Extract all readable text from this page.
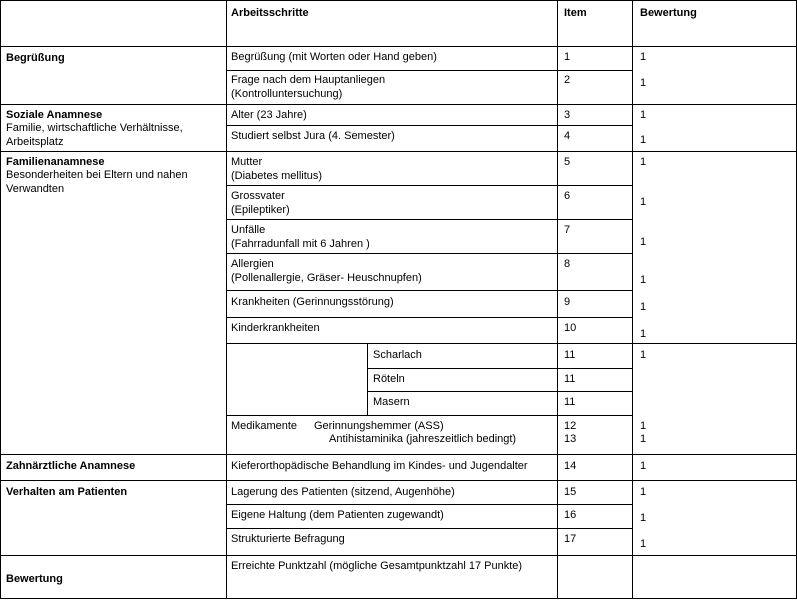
Arbeitsschritte	Item	Bewertung
Begrüßung
Soziale Anamnese
Familie, wirtschaftliche Verhältnisse,
Arbeitsplatz
Familienanamnese
Besonderheiten bei Eltern und nahen
Verwandten
Zahnärztliche Anamnese
Verhalten am Patienten
Bewertung
Begrüßung (mit Worten oder Hand geben)
Frage nach dem Hauptanliegen
(Kontrolluntersuchung)
Alter (23 Jahre)
Studiert selbst Jura (4. Semester)
Mutter
(Diabetes mellitus)
Grossvater
(Epileptiker)
Unfälle
(Fahrradunfall mit 6 Jahren )
Allergien
(Pollenallergie, Gräser- Heuschnupfen)
Krankheiten (Gerinnungsstörung)
Kinderkrankheiten
Scharlach
Röteln
Masern
Medikamente Gerinnungshemmer (ASS)
Antihistaminika (jahreszeitlich bedingt)
Kieferorthopädische Behandlung im Kindes- und Jugendalter
Lagerung des Patienten (sitzend, Augenhöhe)
Eigene Haltung (dem Patienten zugewandt)
Strukturierte Befragung
Erreichte Punktzahl (mögliche Gesamtpunktzahl 17 Punkte)
1
2
3
4
5
6
7
8
9
10
11
11
11
12
13
14
15
16
17
1
1
1
1
1
1
1
1
1
1
1
1
1
1
1
1
1
